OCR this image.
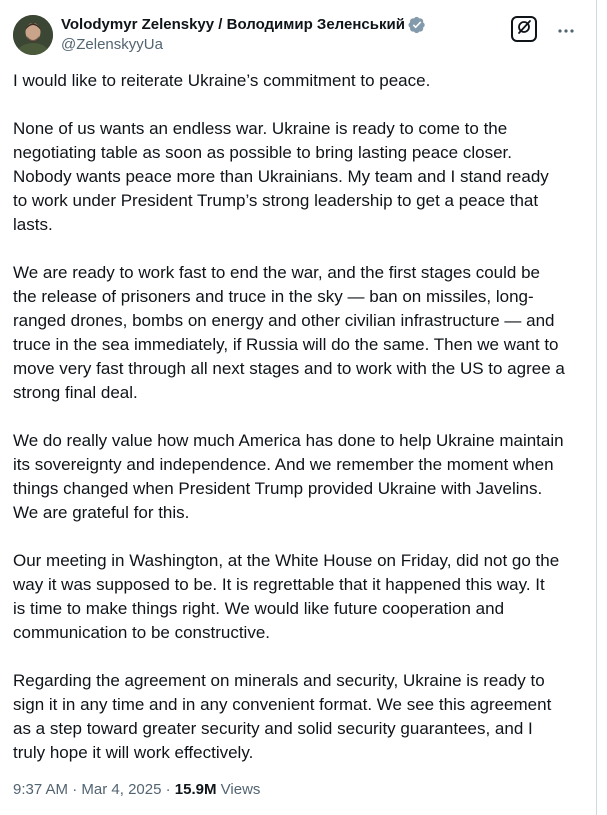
Volodymyr Zelenskyy / Володимир Зеленський
@ZelenskyyUa

I would like to reiterate Ukraine’s commitment to peace.

None of us wants an endless war. Ukraine is ready to come to the
negotiating table as soon as possible to bring lasting peace closer.
Nobody wants peace more than Ukrainians. My team and I stand ready
to work under President Trump’s strong leadership to get a peace that
lasts.

We are ready to work fast to end the war, and the first stages could be
the release of prisoners and truce in the sky — ban on missiles, long-
ranged drones, bombs on energy and other civilian infrastructure — and
truce in the sea immediately, if Russia will do the same. Then we want to
move very fast through all next stages and to work with the US to agree a
strong final deal.

We do really value how much America has done to help Ukraine maintain
its sovereignty and independence. And we remember the moment when
things changed when President Trump provided Ukraine with Javelins.
We are grateful for this.

Our meeting in Washington, at the White House on Friday, did not go the
way it was supposed to be. It is regrettable that it happened this way. It
is time to make things right. We would like future cooperation and
communication to be constructive.

Regarding the agreement on minerals and security, Ukraine is ready to
sign it in any time and in any convenient format. We see this agreement
as a step toward greater security and solid security guarantees, and I
truly hope it will work effectively.

9:37 AM · Mar 4, 2025 · 15.9M Views
